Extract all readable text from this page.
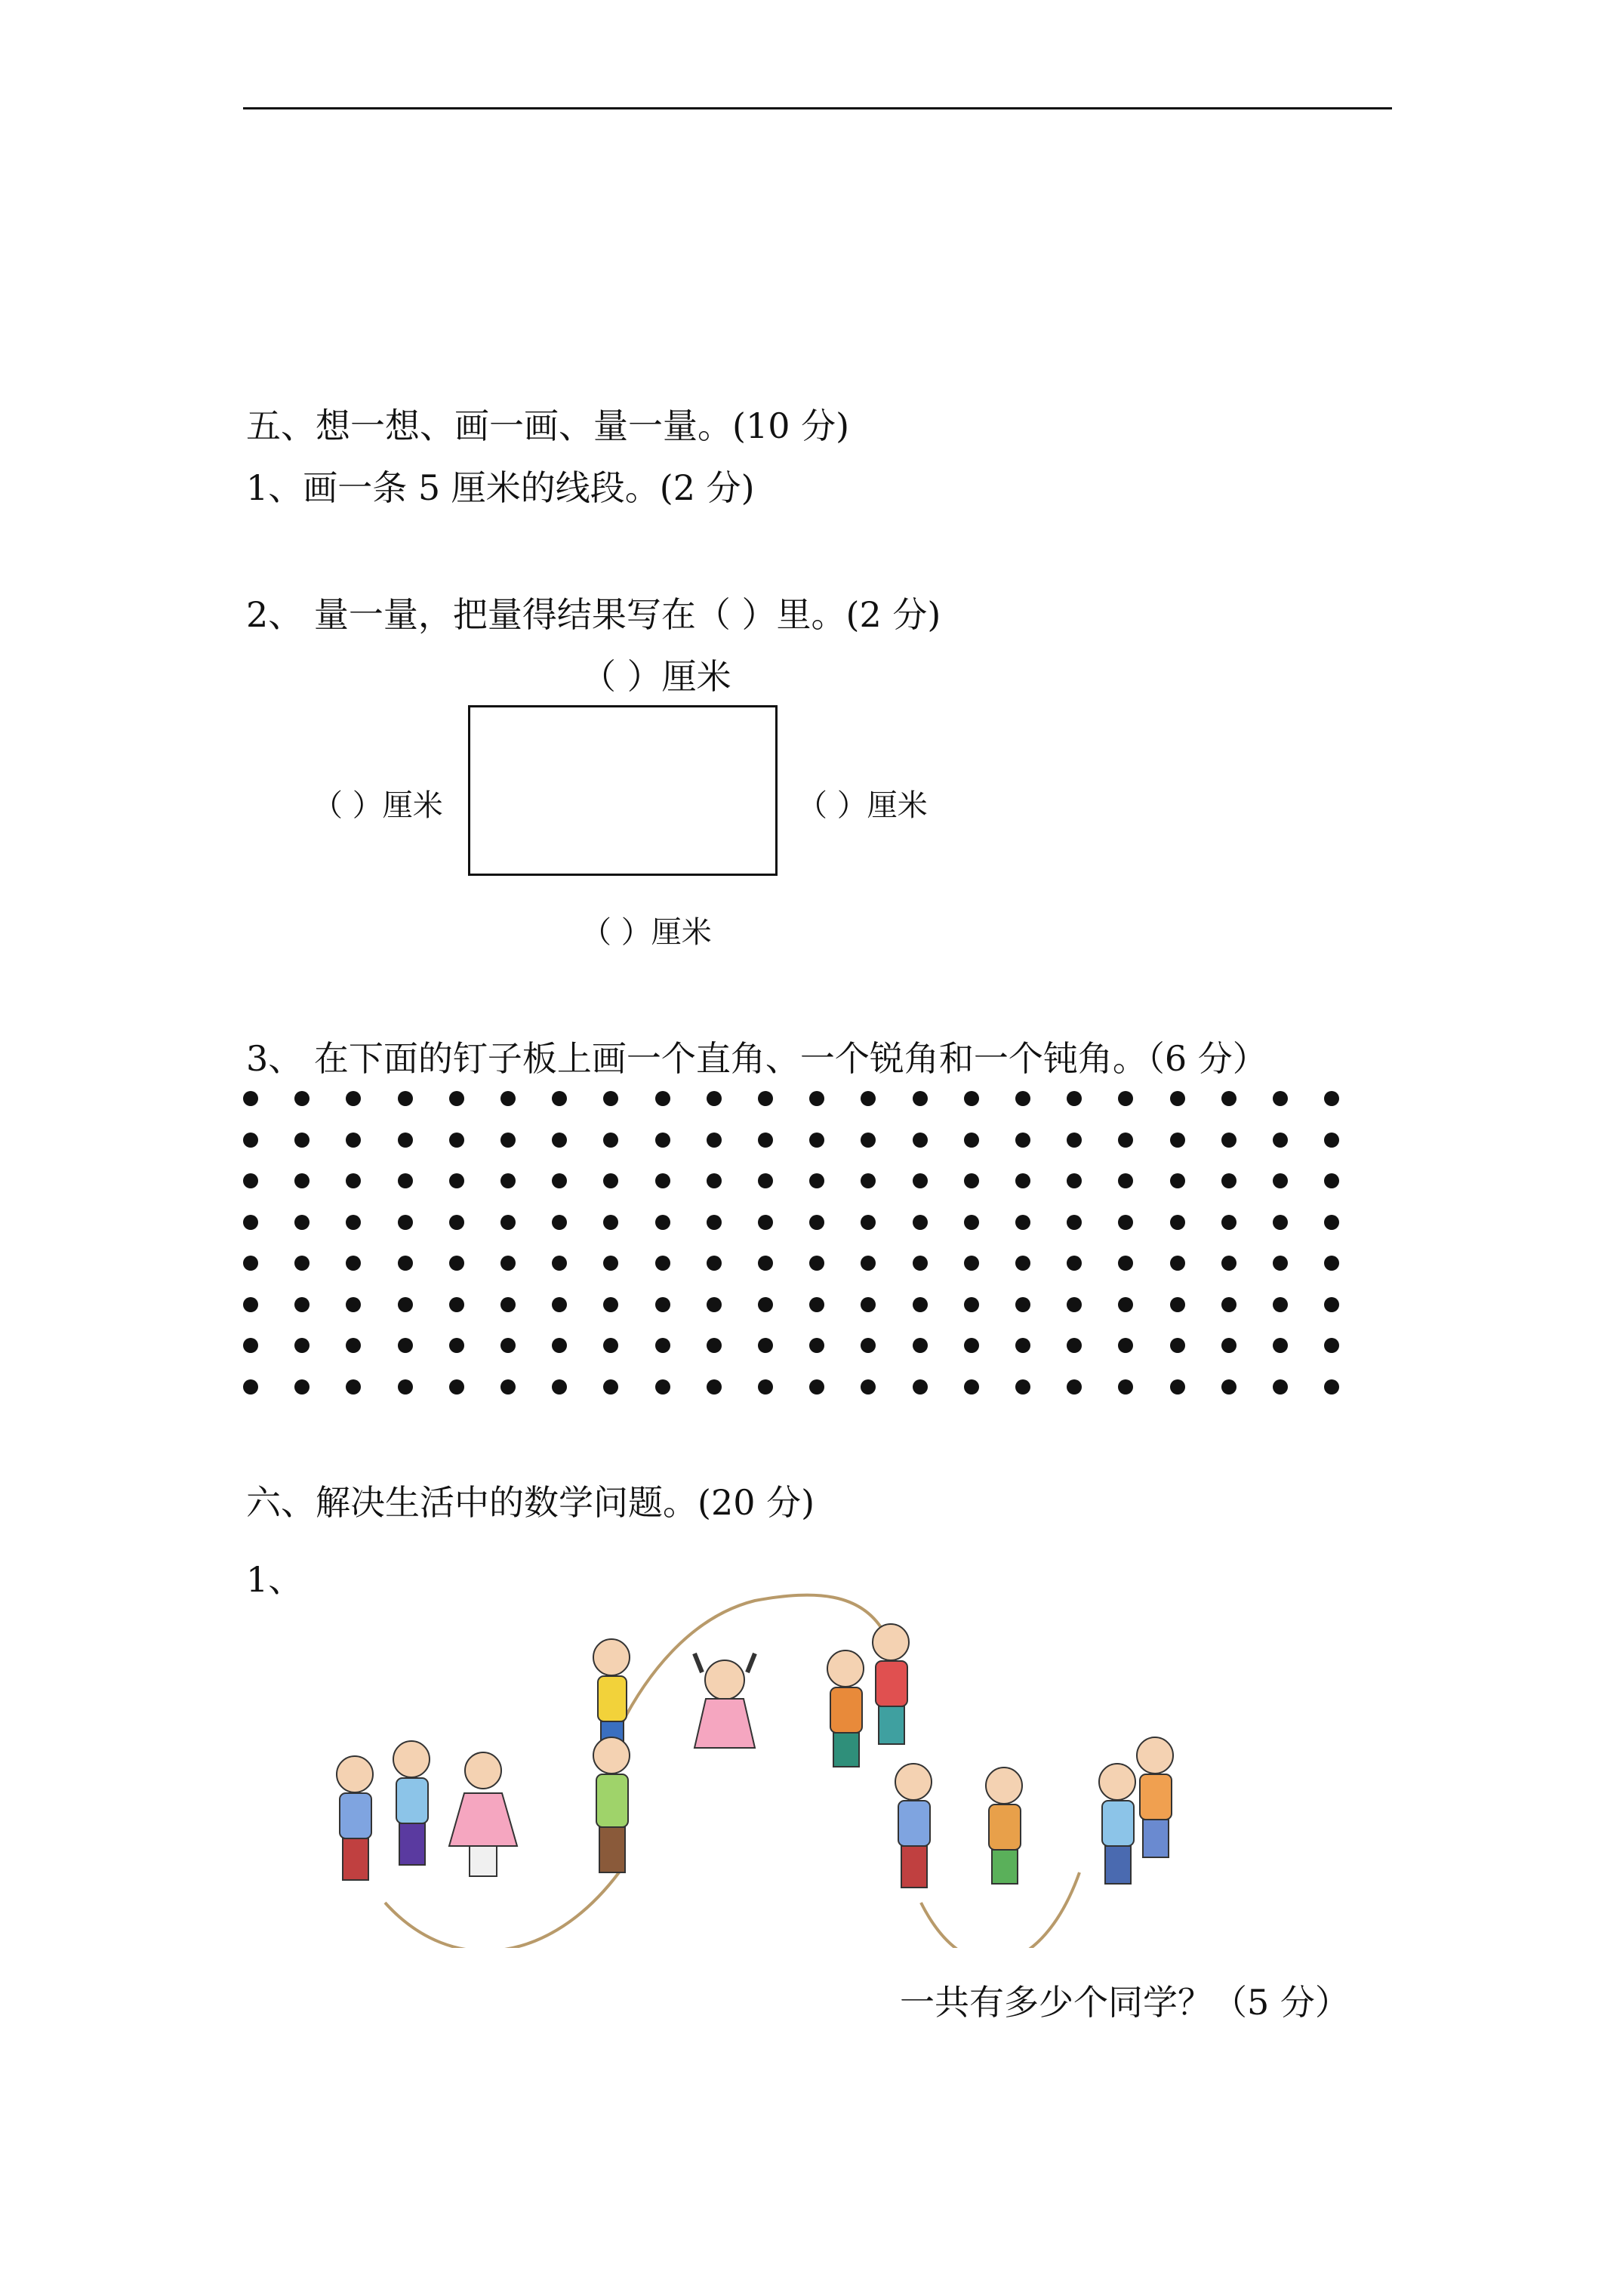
五、想一想、画一画、量一量。(10 分)
1、画一条 5 厘米的线段。(2 分)
2、 量一量，把量得结果写在（ ）里。(2 分)
（ ）厘米
（ ）厘米	（ ）厘米
（ ）厘米
3、 在下面的钉子板上画一个直角、一个锐角和一个钝角。（6 分）
六、解决生活中的数学问题。(20 分)
1、
一共有多少个同学？（5 分）
